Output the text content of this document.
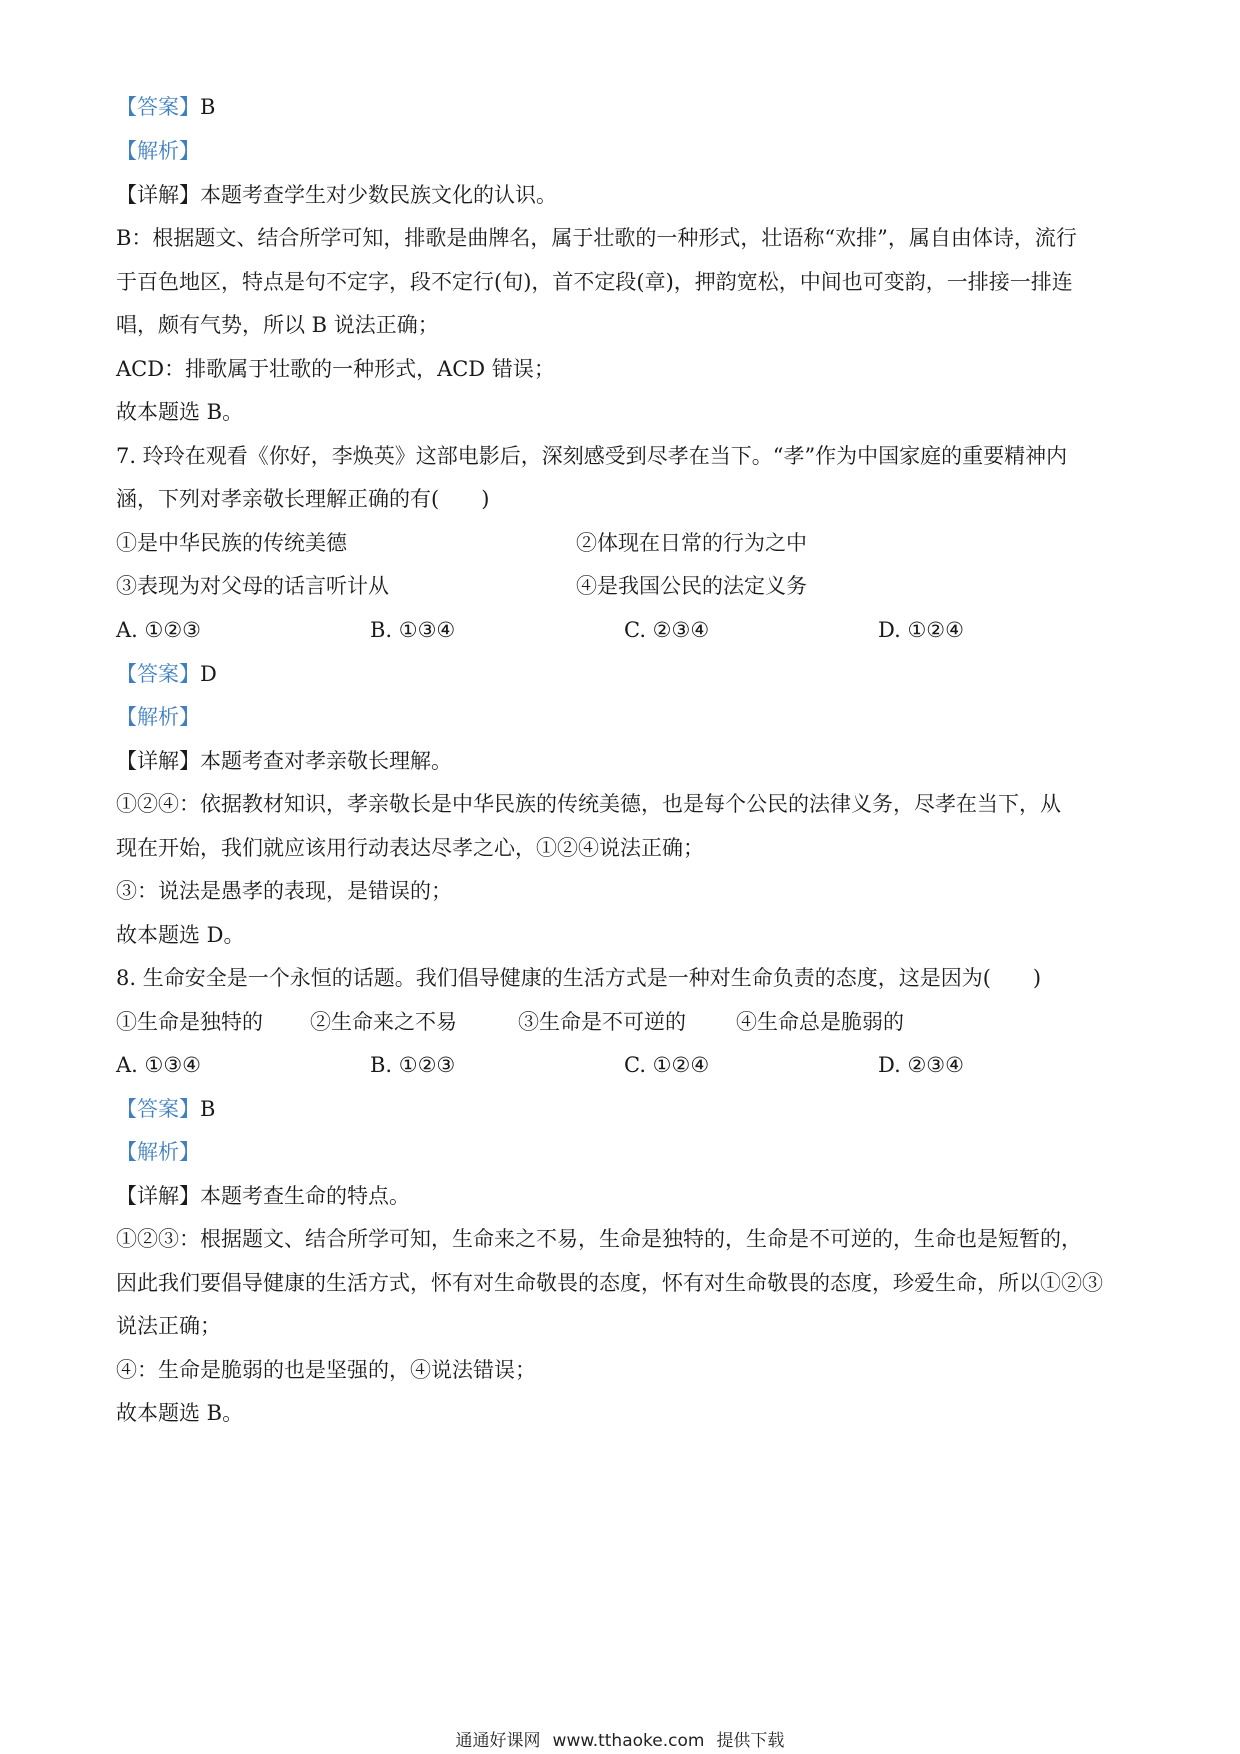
【答案】B
【解析】
【详解】本题考查学生对少数民族文化的认识。
B：根据题文、结合所学可知，排歌是曲牌名，属于壮歌的一种形式，壮语称“欢排”，属自由体诗，流行
于百色地区，特点是句不定字，段不定行(旬)，首不定段(章)，押韵宽松，中间也可变韵，一排接一排连
唱，颇有气势，所以 B 说法正确；
ACD：排歌属于壮歌的一种形式，ACD 错误；
故本题选 B。
7. 玲玲在观看《你好，李焕英》这部电影后，深刻感受到尽孝在当下。“孝”作为中国家庭的重要精神内
涵，下列对孝亲敬长理解正确的有(　　)
①是中华民族的传统美德	②体现在日常的行为之中
③表现为对父母的话言听计从	④是我国公民的法定义务
A. ①②③	B. ①③④	C. ②③④	D. ①②④
【答案】D
【解析】
【详解】本题考查对孝亲敬长理解。
①②④：依据教材知识，孝亲敬长是中华民族的传统美德，也是每个公民的法律义务，尽孝在当下，从
现在开始，我们就应该用行动表达尽孝之心，①②④说法正确；
③：说法是愚孝的表现，是错误的；
故本题选 D。
8. 生命安全是一个永恒的话题。我们倡导健康的生活方式是一种对生命负责的态度，这是因为(　　)
①生命是独特的 ②生命来之不易	③生命是不可逆的 ④生命总是脆弱的
A. ①③④	B. ①②③	C. ①②④	D. ②③④
【答案】B
【解析】
【详解】本题考查生命的特点。
①②③：根据题文、结合所学可知，生命来之不易，生命是独特的，生命是不可逆的，生命也是短暂的，
因此我们要倡导健康的生活方式，怀有对生命敬畏的态度，怀有对生命敬畏的态度，珍爱生命，所以①②③
说法正确；
④：生命是脆弱的也是坚强的，④说法错误；
故本题选 B。
通通好课网 www.tthaoke.com 提供下载
